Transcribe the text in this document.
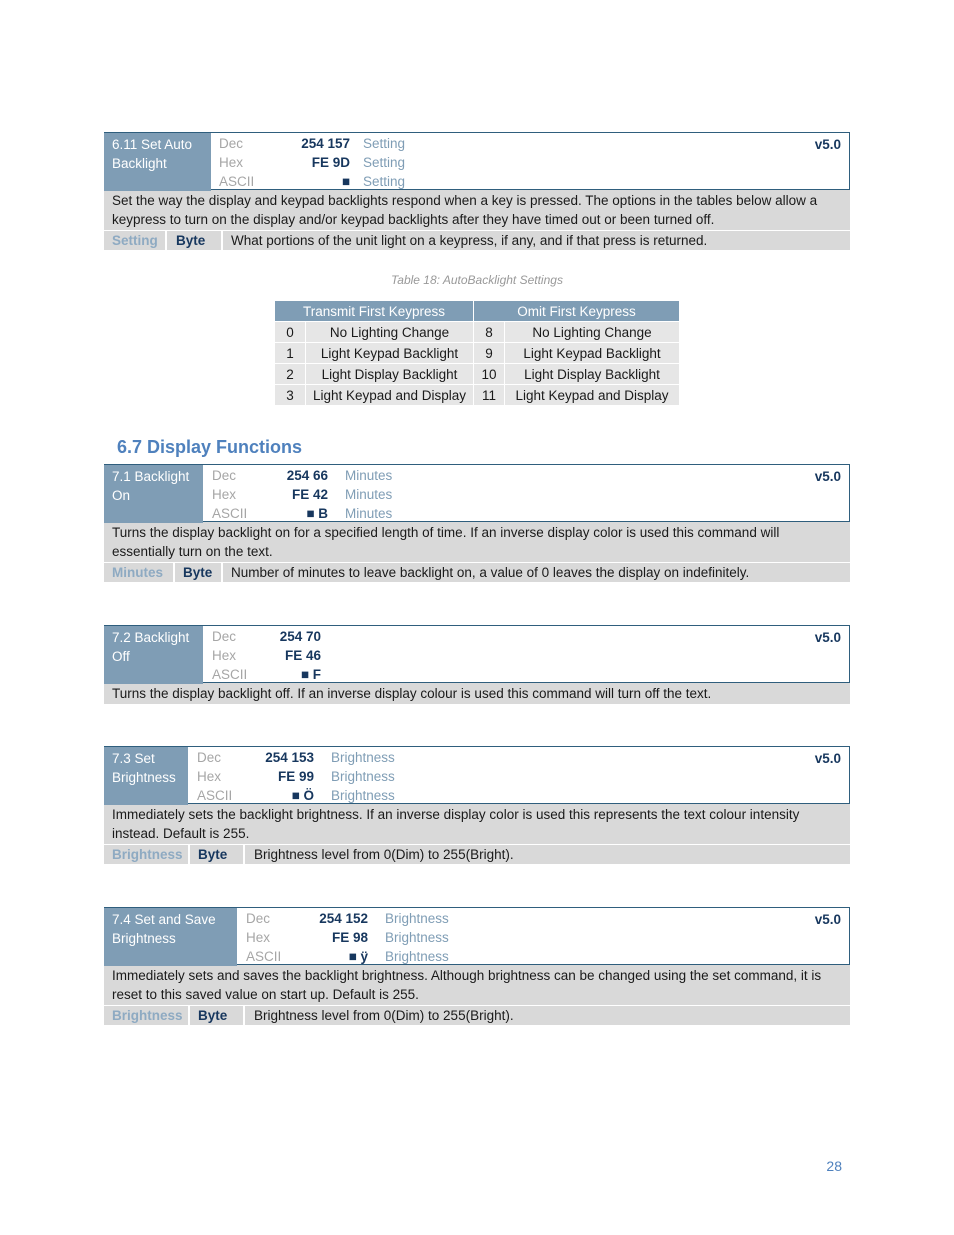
6.11 Set Auto
Backlight
Dec	254 157 Setting
Hex	FE 9D Setting
ASCII	■ Setting
v5.0
Set the way the display and keypad backlights respond when a key is pressed. The options in the tables below allow a keypress to turn on the display and/or keypad backlights after they have timed out or been turned off.
Setting Byte What portions of the unit light on a keypress, if any, and if that press is returned.
Table 18: AutoBacklight Settings
Transmit First Keypress		Omit First Keypress	
0	No Lighting Change	8	No Lighting Change
1	Light Keypad Backlight	9	Light Keypad Backlight
2	Light Display Backlight	10	Light Display Backlight
3	Light Keypad and Display	11	Light Keypad and Display
6.7 Display Functions
7.1 Backlight
On
Dec	254 66 Minutes
Hex	FE 42 Minutes
ASCII	■ B Minutes
v5.0
Turns the display backlight on for a specified length of time. If an inverse display color is used this command will essentially turn on the text.
Minutes Byte Number of minutes to leave backlight on, a value of 0 leaves the display on indefinitely.
7.2 Backlight
Off
Dec	254 70
Hex	FE 46
ASCII	■ F
v5.0
Turns the display backlight off. If an inverse display colour is used this command will turn off the text.
7.3 Set
Brightness
Dec	254 153 Brightness
Hex	FE 99 Brightness
ASCII	■ Ö Brightness
v5.0
Immediately sets the backlight brightness. If an inverse display color is used this represents the text colour intensity instead. Default is 255.
Brightness Byte Brightness level from 0(Dim) to 255(Bright).
7.4 Set and Save
Brightness
Dec	254 152 Brightness
Hex	FE 98 Brightness
ASCII	■ ÿ Brightness
v5.0
Immediately sets and saves the backlight brightness. Although brightness can be changed using the set command, it is reset to this saved value on start up. Default is 255.
Brightness Byte Brightness level from 0(Dim) to 255(Bright).
28
